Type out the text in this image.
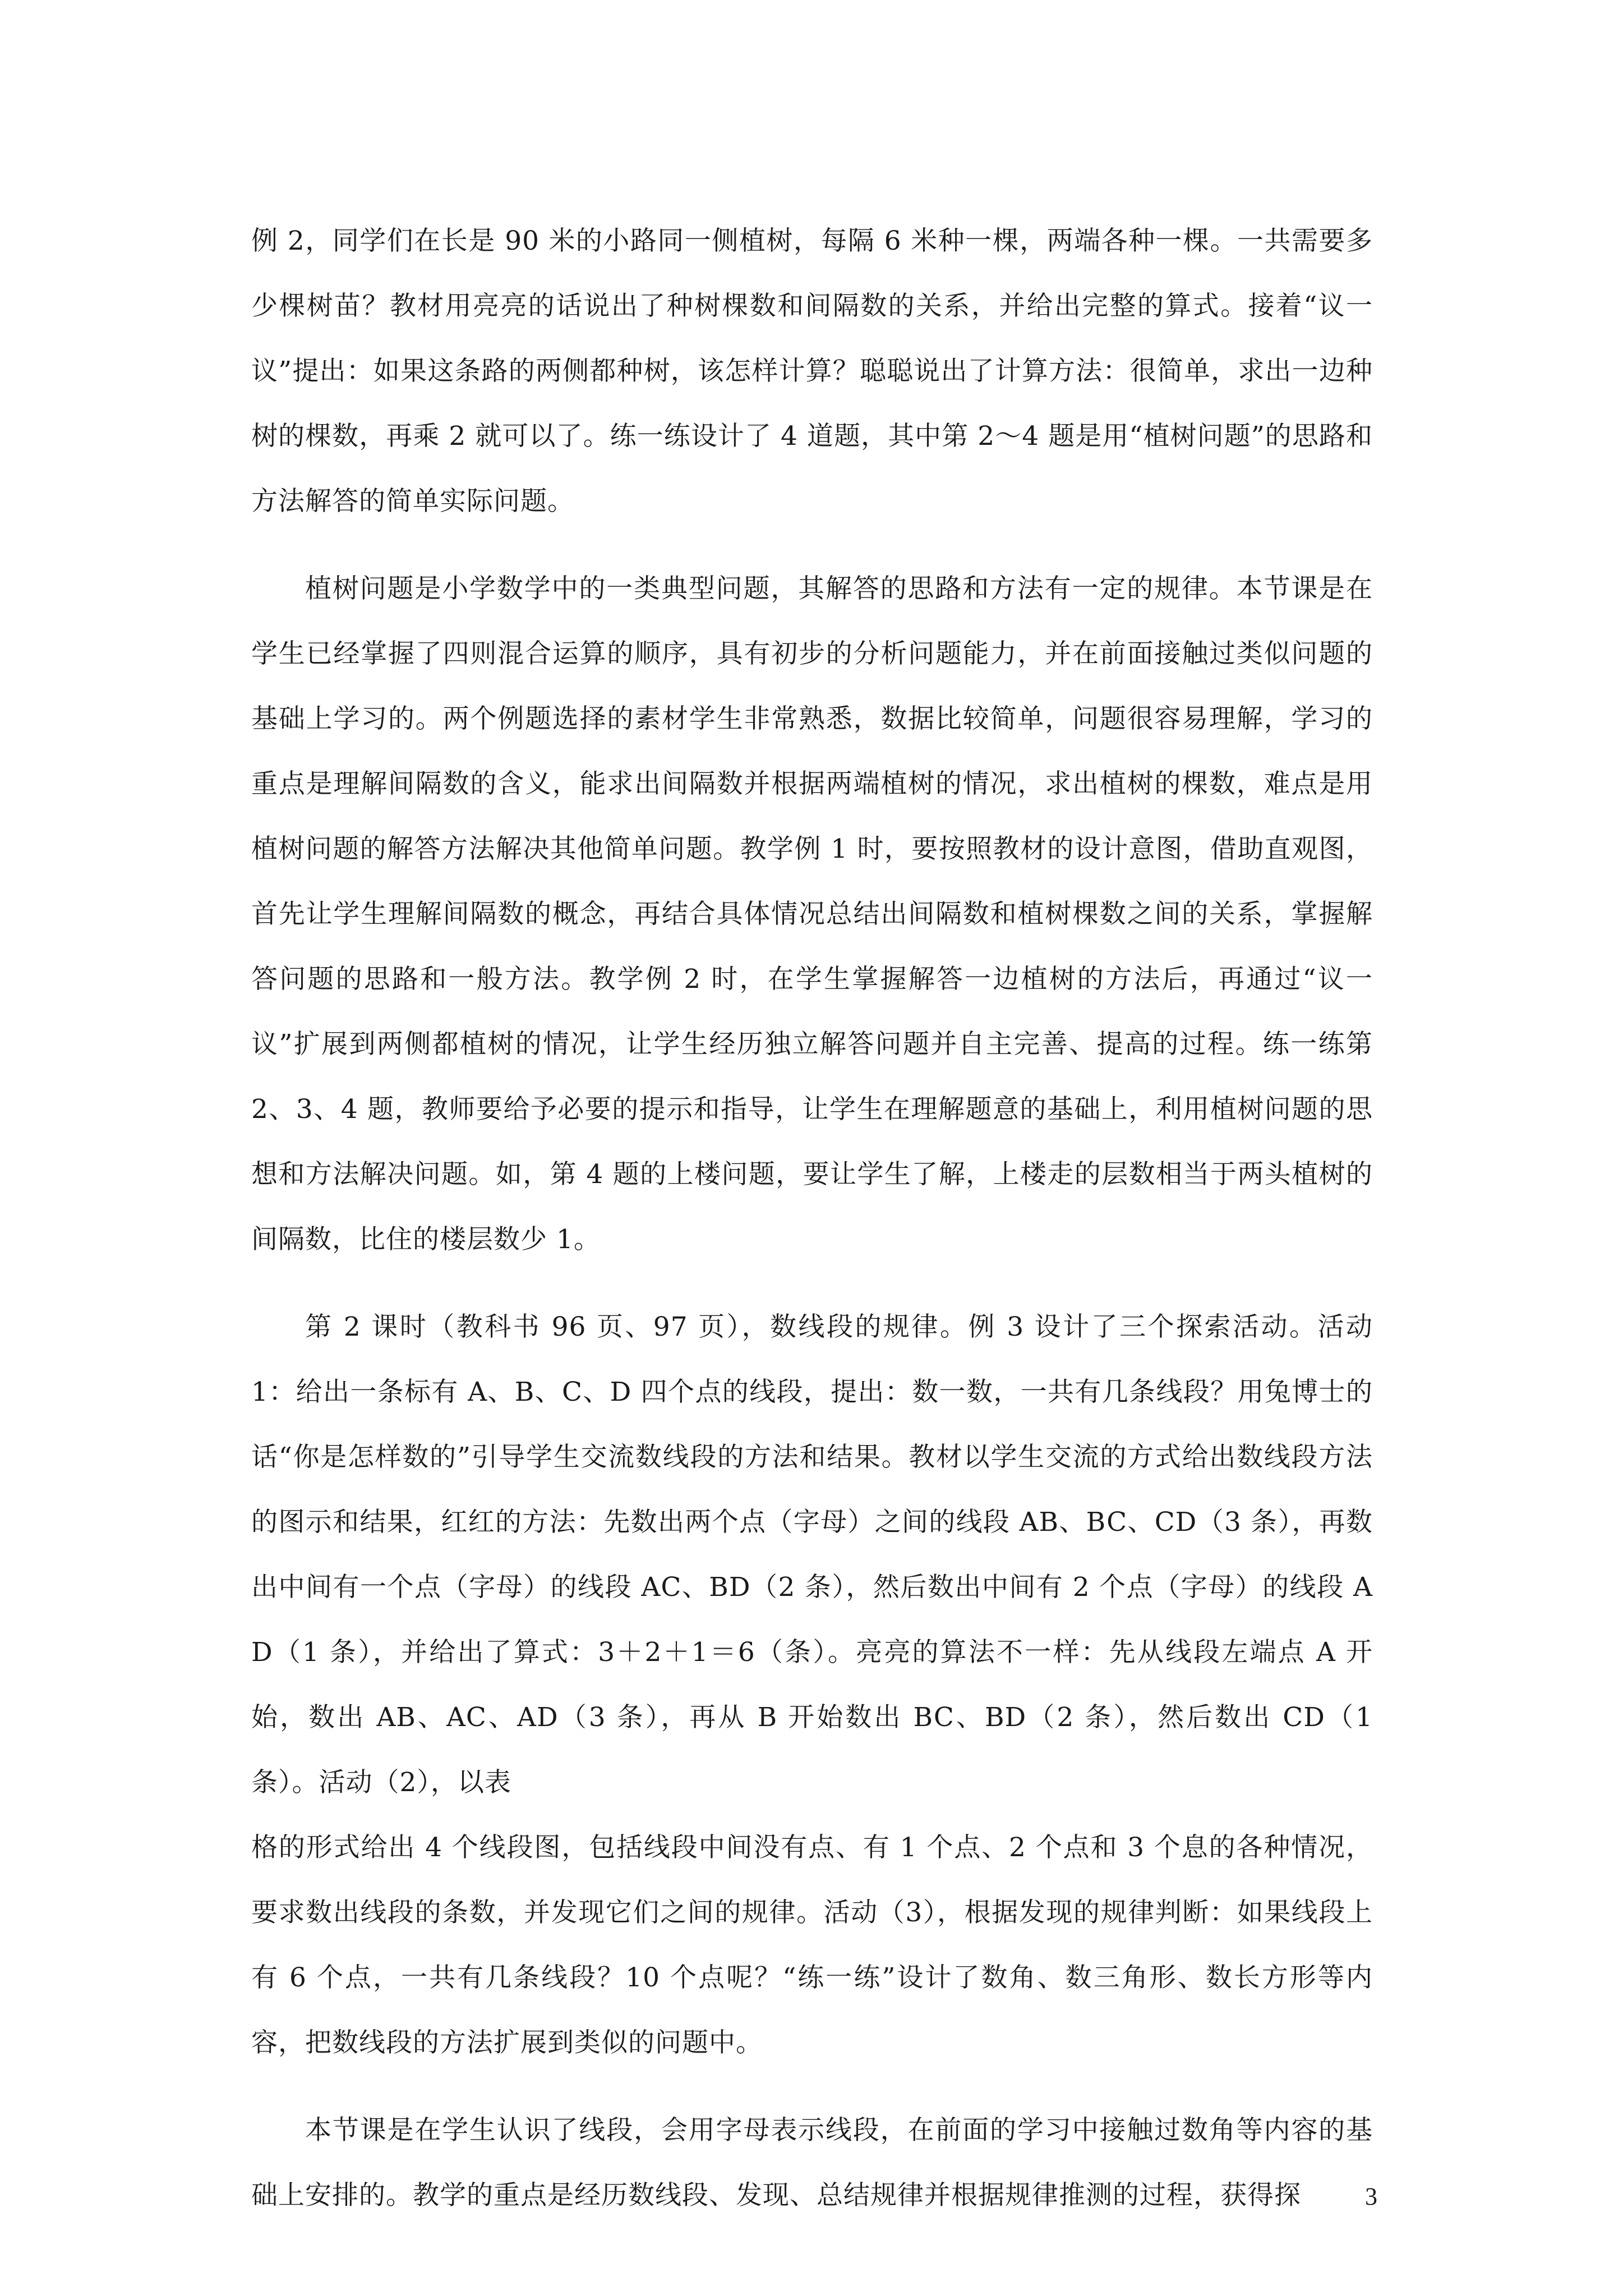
例 2，同学们在长是 90 米的小路同一侧植树，每隔 6 米种一棵，两端各种一棵。一共需要多少棵树苗？教材用亮亮的话说出了种树棵数和间隔数的关系，并给出完整的算式。接着“议一议”提出：如果这条路的两侧都种树，该怎样计算？聪聪说出了计算方法：很简单，求出一边种树的棵数，再乘 2 就可以了。练一练设计了 4 道题，其中第 2～4 题是用“植树问题”的思路和方法解答的简单实际问题。

植树问题是小学数学中的一类典型问题，其解答的思路和方法有一定的规律。本节课是在学生已经掌握了四则混合运算的顺序，具有初步的分析问题能力，并在前面接触过类似问题的基础上学习的。两个例题选择的素材学生非常熟悉，数据比较简单，问题很容易理解，学习的重点是理解间隔数的含义，能求出间隔数并根据两端植树的情况，求出植树的棵数，难点是用植树问题的解答方法解决其他简单问题。教学例 1 时，要按照教材的设计意图，借助直观图，首先让学生理解间隔数的概念，再结合具体情况总结出间隔数和植树棵数之间的关系，掌握解答问题的思路和一般方法。教学例 2 时，在学生掌握解答一边植树的方法后，再通过“议一议”扩展到两侧都植树的情况，让学生经历独立解答问题并自主完善、提高的过程。练一练第 2、3、4 题，教师要给予必要的提示和指导，让学生在理解题意的基础上，利用植树问题的思想和方法解决问题。如，第 4 题的上楼问题，要让学生了解，上楼走的层数相当于两头植树的间隔数，比住的楼层数少 1。

第 2 课时（教科书 96 页、97 页），数线段的规律。例 3 设计了三个探索活动。活动 1：给出一条标有 A、B、C、D 四个点的线段，提出：数一数，一共有几条线段？用兔博士的话“你是怎样数的”引导学生交流数线段的方法和结果。教材以学生交流的方式给出数线段方法的图示和结果，红红的方法：先数出两个点（字母）之间的线段 AB、BC、CD（3 条），再数出中间有一个点（字母）的线段 AC、BD（2 条），然后数出中间有 2 个点（字母）的线段 AD（1 条），并给出了算式：3＋2＋1＝6（条）。亮亮的算法不一样：先从线段左端点 A 开始，数出 AB、AC、AD（3 条），再从 B 开始数出 BC、BD（2 条），然后数出 CD（1 条）。活动（2），以表

格的形式给出 4 个线段图，包括线段中间没有点、有 1 个点、2 个点和 3 个息的各种情况，要求数出线段的条数，并发现它们之间的规律。活动（3），根据发现的规律判断：如果线段上有 6 个点，一共有几条线段？10 个点呢？“练一练”设计了数角、数三角形、数长方形等内容，把数线段的方法扩展到类似的问题中。

本节课是在学生认识了线段，会用字母表示线段，在前面的学习中接触过数角等内容的基础上安排的。教学的重点是经历数线段、发现、总结规律并根据规律推测的过程，获得探	3
